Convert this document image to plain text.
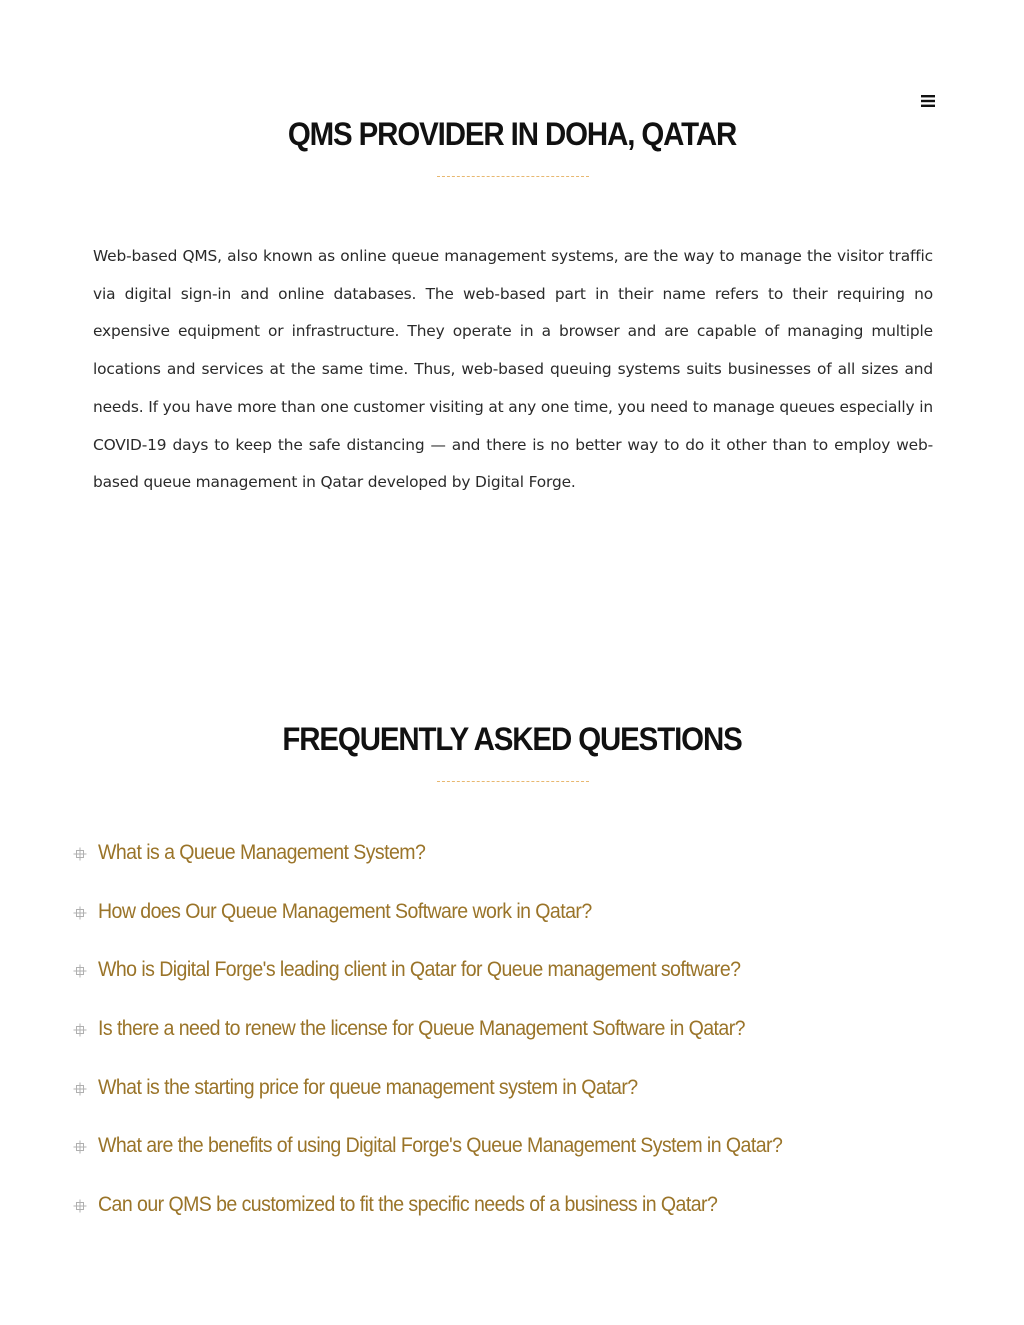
QMS PROVIDER IN DOHA, QATAR

Web-based QMS, also known as online queue management systems, are the way to manage the visitor traffic via digital sign-in and online databases. The web-based part in their name refers to their requiring no expensive equipment or infrastructure. They operate in a browser and are capable of managing multiple locations and services at the same time. Thus, web-based queuing systems suits businesses of all sizes and needs. If you have more than one customer visiting at any one time, you need to manage queues especially in COVID-19 days to keep the safe distancing — and there is no better way to do it other than to employ web-based queue management in Qatar developed by Digital Forge.

FREQUENTLY ASKED QUESTIONS
What is a Queue Management System?
How does Our Queue Management Software work in Qatar?
Who is Digital Forge's leading client in Qatar for Queue management software?
Is there a need to renew the license for Queue Management Software in Qatar?
What is the starting price for queue management system in Qatar?
What are the benefits of using Digital Forge's Queue Management System in Qatar?
Can our QMS be customized to fit the specific needs of a business in Qatar?
